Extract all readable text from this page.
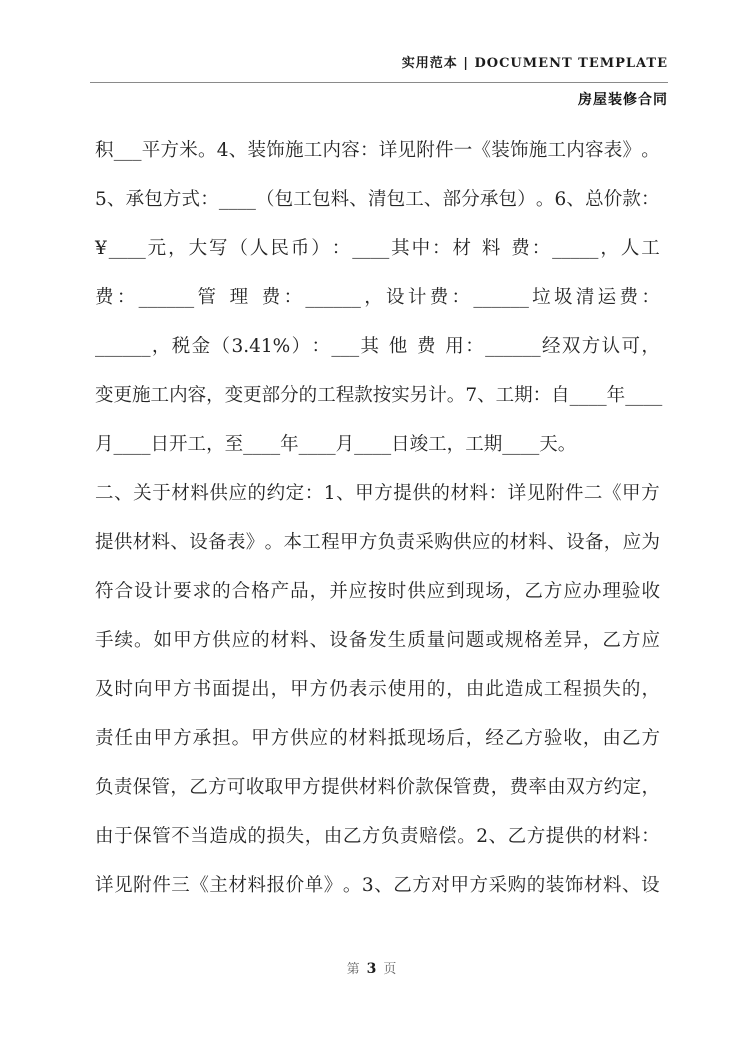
实用范本 | DOCUMENT TEMPLATE
房屋装修合同
积 ___ 平 方 米 。 4 、 装 饰 施 工 内 容 ： 详 见 附 件 一 《 装 饰 施 工 内 容 表 》 。
5 、 承 包 方 式 ： ____ （ 包 工 包 料 、 清 包 工 、 部 分 承 包 ） 。 6 、 总 价 款 ：
¥ ____ 元 ， 大 写 （ 人 民 币 ） ： ____ 其 中 ： 材 料 费 ： _____ ， 人 工
费 ： ______ 管 理 费 ： ______ ， 设 计 费 ： ______ 垃 圾 清 运 费 ：
______ ， 税 金 （ 3.41% ） ： ___ 其 他 费 用 ： ______ 经 双 方 认 可 ，
变 更 施 工 内 容 ， 变 更 部 分 的 工 程 款 按 实 另 计 。 7 、 工 期 ： 自 ____ 年 ____
月 ____ 日 开 工 ， 至 ____ 年 ____ 月 ____ 日 竣 工 ， 工 期 ____ 天 。
二 、 关 于 材 料 供 应 的 约 定 ： 1 、 甲 方 提 供 的 材 料 ： 详 见 附 件 二 《 甲 方
提 供 材 料 、 设 备 表 》 。 本 工 程 甲 方 负 责 采 购 供 应 的 材 料 、 设 备 ， 应 为
符 合 设 计 要 求 的 合 格 产 品 ， 并 应 按 时 供 应 到 现 场 ， 乙 方 应 办 理 验 收
手 续 。 如 甲 方 供 应 的 材 料 、 设 备 发 生 质 量 问 题 或 规 格 差 异 ， 乙 方 应
及 时 向 甲 方 书 面 提 出 ， 甲 方 仍 表 示 使 用 的 ， 由 此 造 成 工 程 损 失 的 ，
责 任 由 甲 方 承 担 。 甲 方 供 应 的 材 料 抵 现 场 后 ， 经 乙 方 验 收 ， 由 乙 方
负 责 保 管 ， 乙 方 可 收 取 甲 方 提 供 材 料 价 款 保 管 费 ， 费 率 由 双 方 约 定 ，
由 于 保 管 不 当 造 成 的 损 失 ， 由 乙 方 负 责 赔 偿 。 2 、 乙 方 提 供 的 材 料 ：
详 见 附 件 三 《 主 材 料 报 价 单 》 。 3 、 乙 方 对 甲 方 采 购 的 装 饰 材 料 、 设
第 3 页
